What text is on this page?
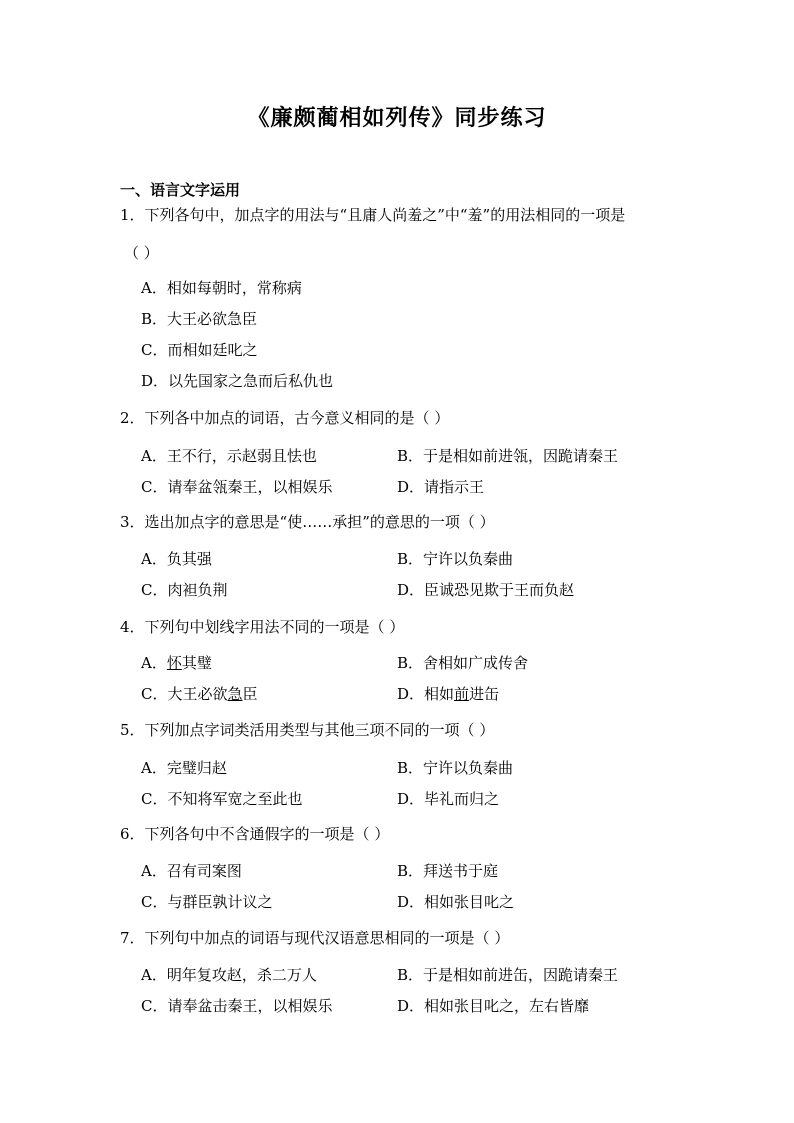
《廉颇蔺相如列传》同步练习
一、语言文字运用
1．下列各句中，加点字的用法与“且庸人尚羞之”中“羞”的用法相同的一项是
（ ）
A．相如每朝时，常称病
B．大王必欲急臣
C．而相如廷叱之
D．以先国家之急而后私仇也
2．下列各中加点的词语，古今意义相同的是（ ）
A．王不行，示赵弱且怯也	B．于是相如前进瓴，因跪请秦王
C．请奉盆瓴秦王，以相娱乐	D．请指示王
3．选出加点字的意思是“使……承担”的意思的一项（ ）
A．负其强	B．宁许以负秦曲
C．肉袒负荆	D．臣诚恐见欺于王而负赵
4．下列句中划线字用法不同的一项是（ ）
A．怀其璧	B．舍相如广成传舍
C．大王必欲急臣	D．相如前进缶
5．下列加点字词类活用类型与其他三项不同的一项（ ）
A．完璧归赵	B．宁许以负秦曲
C．不知将军宽之至此也	D．毕礼而归之
6．下列各句中不含通假字的一项是（ ）
A．召有司案图	B．拜送书于庭
C．与群臣孰计议之	D．相如张目叱之
7．下列句中加点的词语与现代汉语意思相同的一项是（ ）
A．明年复攻赵，杀二万人	B．于是相如前进缶，因跪请秦王
C．请奉盆击秦王，以相娱乐	D．相如张目叱之，左右皆靡
